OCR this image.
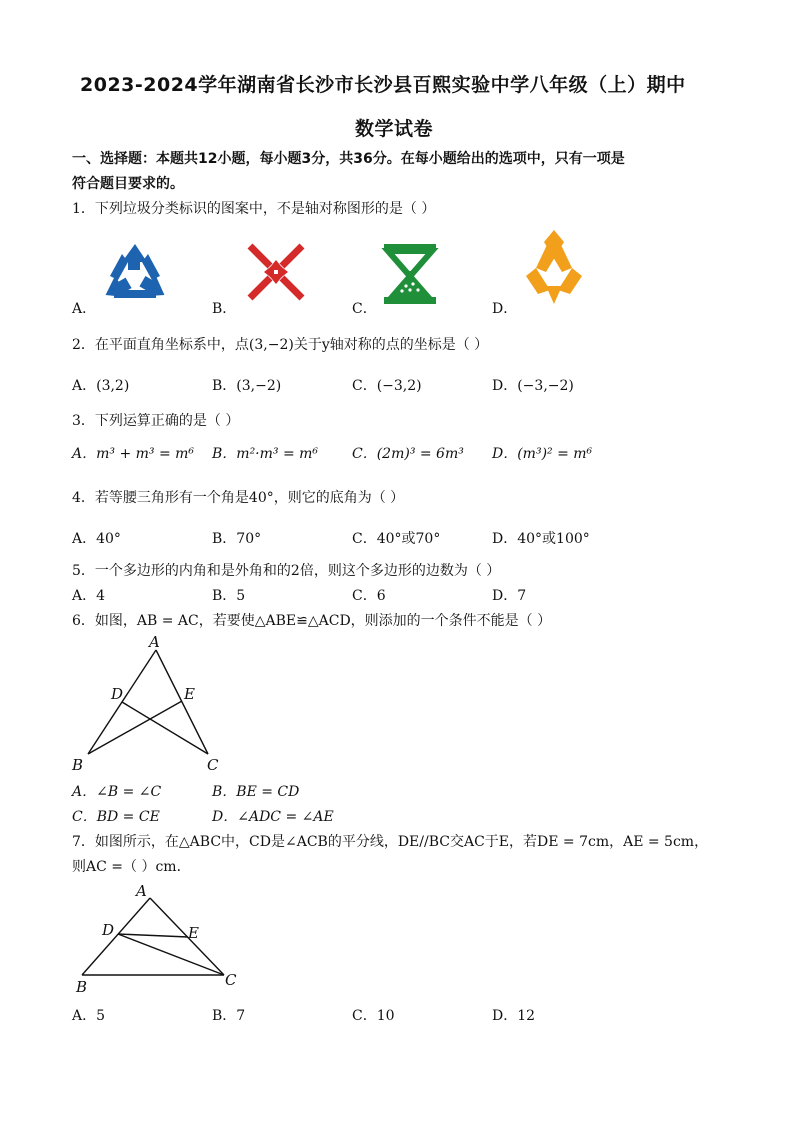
2023-2024学年湖南省长沙市长沙县百熙实验中学八年级（上）期中
数学试卷
一、选择题：本题共12小题，每小题3分，共36分。在每小题给出的选项中，只有一项是
符合题目要求的。
1．下列垃圾分类标识的图案中，不是轴对称图形的是（ ）
A．	B．	C．	D．
2．在平面直角坐标系中，点(3,−2)关于y轴对称的点的坐标是（ ）
A．(3,2)	B．(3,−2)	C．(−3,2)	D．(−3,−2)
3．下列运算正确的是（ ）
A．m³ + m³ = m⁶ B．m²·m³ = m⁶ C．(2m)³ = 6m³ D．(m³)² = m⁶
4．若等腰三角形有一个角是40°，则它的底角为（ ）
A．40°	B．70°	C．40°或70°	D．40°或100°
5．一个多边形的内角和是外角和的2倍，则这个多边形的边数为（ ）
A．4	B．5	C．6	D．7
6．如图，AB = AC，若要使△ABE≌△ACD，则添加的一个条件不能是（ ）
A
D	E
B	C
A．∠B = ∠C	B．BE = CD
C．BD = CE	D．∠ADC = ∠AE
7．如图所示，在△ABC中，CD是∠ACB的平分线，DE//BC交AC于E，若DE = 7cm，AE = 5cm，
则AC =（ ）cm．
A
D	E
B	C
A．5	B．7	C．10	D．12
